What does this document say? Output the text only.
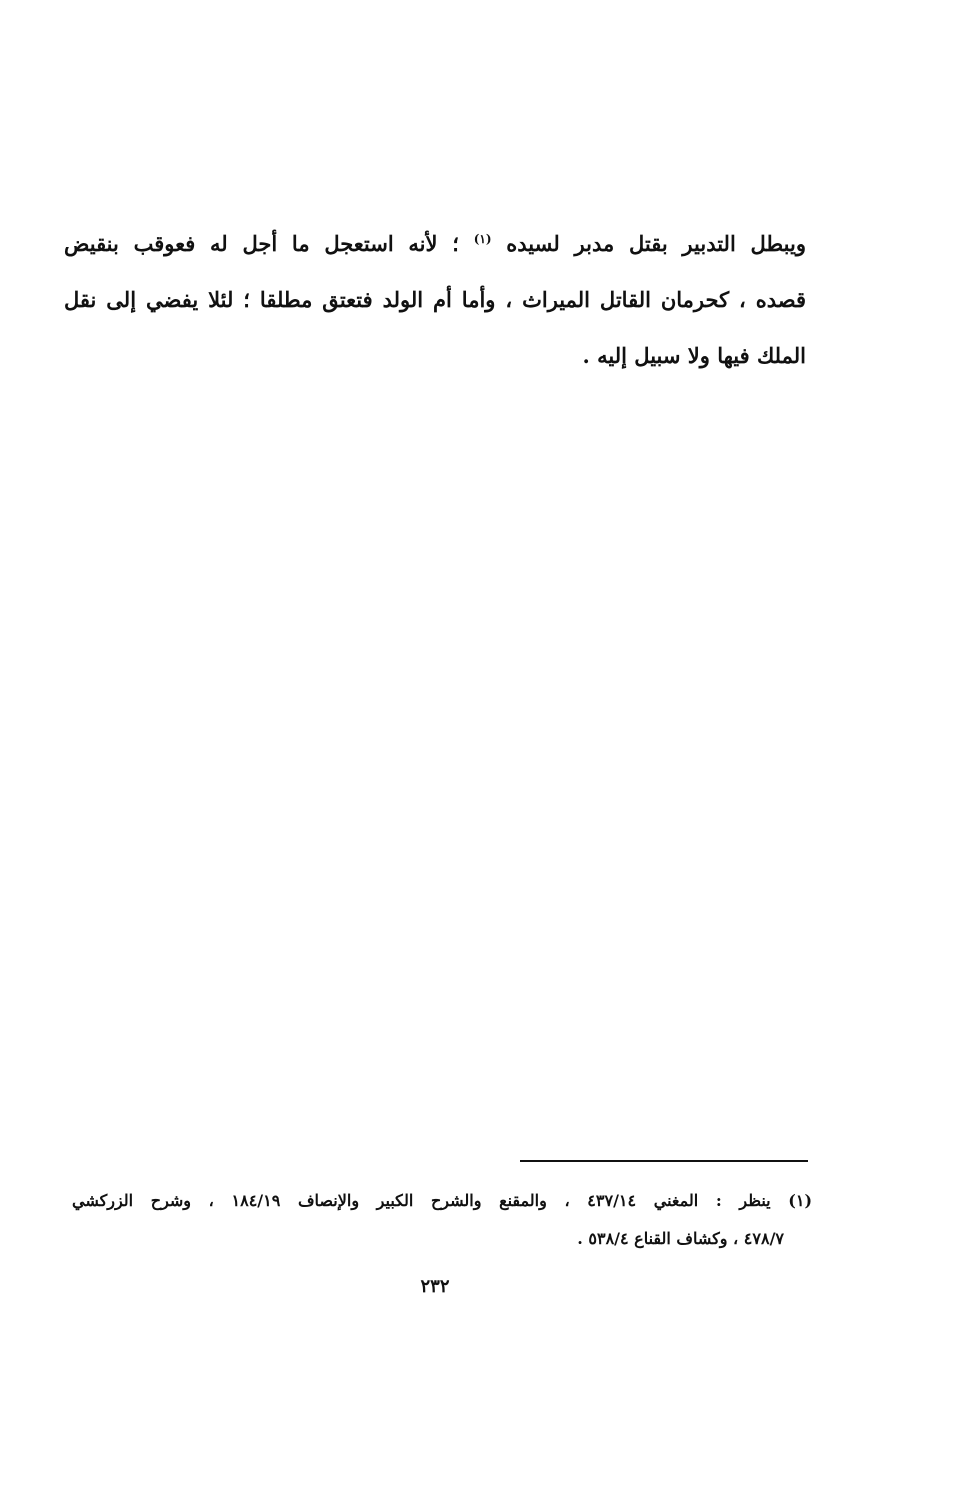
ويبطل التدبير بقتل مدبر لسيده $^{(١)}$ ؛ لأنه استعجل ما أجل له فعوقب بنقيض
قصده ، كحرمان القاتل الميراث ، وأما أم الولد فتعتق مطلقا ؛ لئلا يفضي إلى نقل
الملك فيها ولا سبيل إليه .
(١) ينظر : المغني ٤٣٧/١٤ ، والمقنع والشرح الكبير والإنصاف ١٨٤/١٩ ، وشرح الزركشي
٤٧٨/٧ ، وكشاف القناع ٥٣٨/٤ .
٢٣٢
